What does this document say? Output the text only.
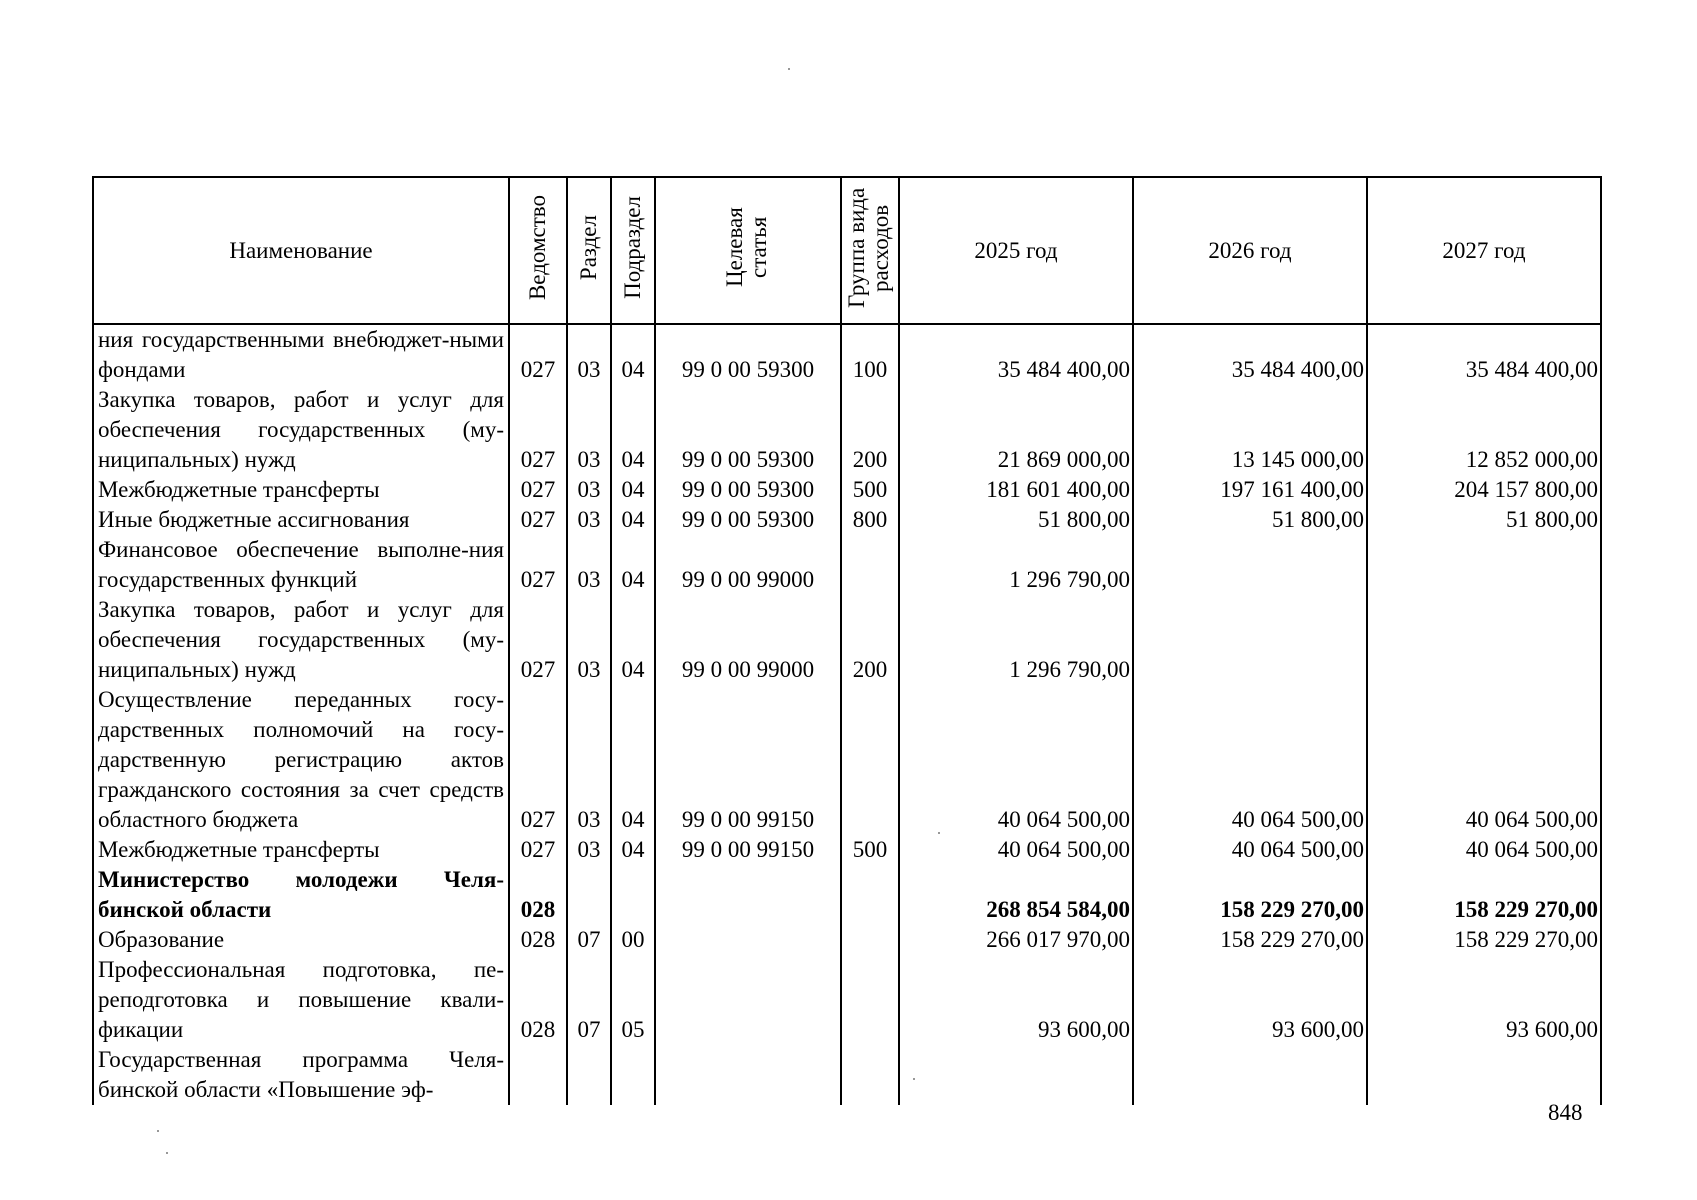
Наименование	Ведомство	Раздел	Подраздел	Целевая статья	Группа вида расходов	2025 год	2026 год	2027 год
ния государственными внебюджет-ными фондами	027	03	04	99 0 00 59300	100	35 484 400,00	35 484 400,00	35 484 400,00
Закупка товаров, работ и услуг для обеспечения государственных (му-ниципальных) нужд	027	03	04	99 0 00 59300	200	21 869 000,00	13 145 000,00	12 852 000,00
Межбюджетные трансферты	027	03	04	99 0 00 59300	500	181 601 400,00	197 161 400,00	204 157 800,00
Иные бюджетные ассигнования	027	03	04	99 0 00 59300	800	51 800,00	51 800,00	51 800,00
Финансовое обеспечение выполне-ния государственных функций	027	03	04	99 0 00 99000		1 296 790,00		
Закупка товаров, работ и услуг для обеспечения государственных (му-ниципальных) нужд	027	03	04	99 0 00 99000	200	1 296 790,00		
Осуществление переданных госу-дарственных полномочий на госу-дарственную регистрацию актов гражданского состояния за счет средств областного бюджета	027	03	04	99 0 00 99150		40 064 500,00	40 064 500,00	40 064 500,00
Межбюджетные трансферты	027	03	04	99 0 00 99150	500	40 064 500,00	40 064 500,00	40 064 500,00
Министерство молодежи Челя-бинской области	028					268 854 584,00	158 229 270,00	158 229 270,00
Образование	028	07	00			266 017 970,00	158 229 270,00	158 229 270,00
Профессиональная подготовка, пе-реподготовка и повышение квали-фикации	028	07	05			93 600,00	93 600,00	93 600,00
Государственная программа Челя-бинской области «Повышение эф-								
848
